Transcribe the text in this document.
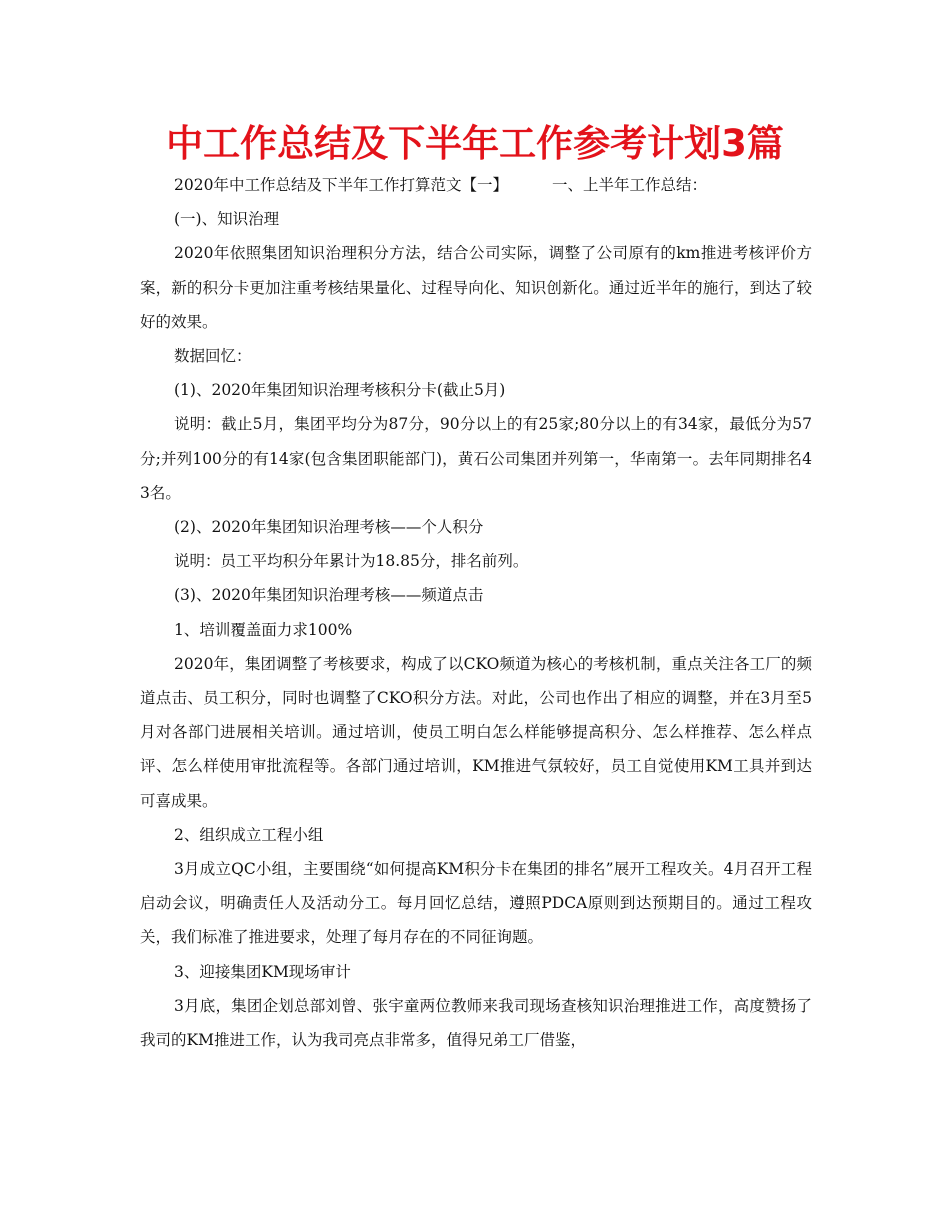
中工作总结及下半年工作参考计划3篇

2020年中工作总结及下半年工作打算范文【一】	一、上半年工作总结：

(一)、知识治理

2020年依照集团知识治理积分方法，结合公司实际，调整了公司原有的km推进考核评价方案，新的积分卡更加注重考核结果量化、过程导向化、知识创新化。通过近半年的施行，到达了较好的效果。

数据回忆：

(1)、2020年集团知识治理考核积分卡(截止5月)

说明：截止5月，集团平均分为87分，90分以上的有25家;80分以上的有34家，最低分为57分;并列100分的有14家(包含集团职能部门)，黄石公司集团并列第一，华南第一。去年同期排名43名。

(2)、2020年集团知识治理考核——个人积分

说明：员工平均积分年累计为18.85分，排名前列。

(3)、2020年集团知识治理考核——频道点击

1、培训覆盖面力求100%

2020年，集团调整了考核要求，构成了以CKO频道为核心的考核机制，重点关注各工厂的频道点击、员工积分，同时也调整了CKO积分方法。对此，公司也作出了相应的调整，并在3月至5月对各部门进展相关培训。通过培训，使员工明白怎么样能够提高积分、怎么样推荐、怎么样点评、怎么样使用审批流程等。各部门通过培训，KM推进气氛较好，员工自觉使用KM工具并到达可喜成果。

2、组织成立工程小组

3月成立QC小组，主要围绕“如何提高KM积分卡在集团的排名”展开工程攻关。4月召开工程启动会议，明确责任人及活动分工。每月回忆总结，遵照PDCA原则到达预期目的。通过工程攻关，我们标准了推进要求，处理了每月存在的不同征询题。

3、迎接集团KM现场审计

3月底，集团企划总部刘曾、张宇童两位教师来我司现场查核知识治理推进工作，高度赞扬了我司的KM推进工作，认为我司亮点非常多，值得兄弟工厂借鉴，
